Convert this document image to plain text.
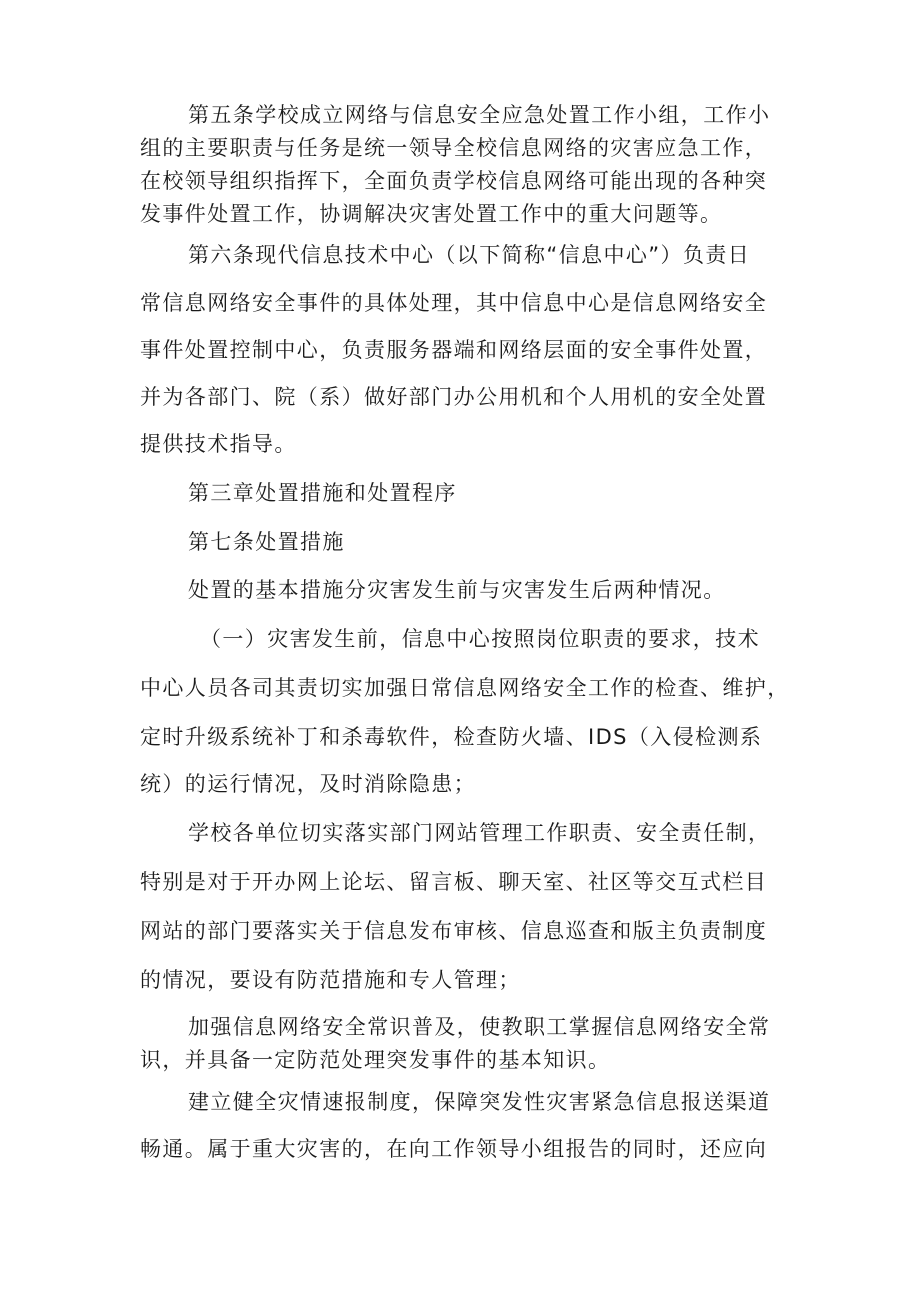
第五条学校成立网络与信息安全应急处置工作小组，工作小
组的主要职责与任务是统一领导全校信息网络的灾害应急工作，
在校领导组织指挥下，全面负责学校信息网络可能出现的各种突
发事件处置工作，协调解决灾害处置工作中的重大问题等。
第六条现代信息技术中心（以下简称“信息中心”）负责日
常信息网络安全事件的具体处理，其中信息中心是信息网络安全
事件处置控制中心，负责服务器端和网络层面的安全事件处置，
并为各部门、院（系）做好部门办公用机和个人用机的安全处置
提供技术指导。
第三章处置措施和处置程序
第七条处置措施
处置的基本措施分灾害发生前与灾害发生后两种情况。
（一）灾害发生前，信息中心按照岗位职责的要求，技术
中心人员各司其责切实加强日常信息网络安全工作的检查、维护，
定时升级系统补丁和杀毒软件，检查防火墙、IDS（入侵检测系
统）的运行情况，及时消除隐患；
学校各单位切实落实部门网站管理工作职责、安全责任制，
特别是对于开办网上论坛、留言板、聊天室、社区等交互式栏目
网站的部门要落实关于信息发布审核、信息巡查和版主负责制度
的情况，要设有防范措施和专人管理；
加强信息网络安全常识普及，使教职工掌握信息网络安全常
识，并具备一定防范处理突发事件的基本知识。
建立健全灾情速报制度，保障突发性灾害紧急信息报送渠道
畅通。属于重大灾害的，在向工作领导小组报告的同时，还应向
